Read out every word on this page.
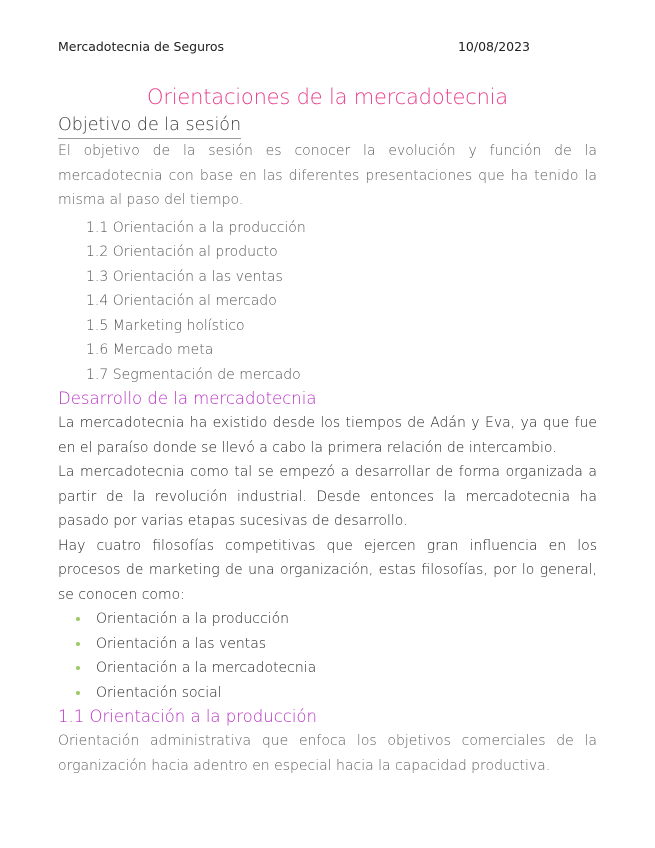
Mercadotecnia de Seguros	10/08/2023
Orientaciones de la mercadotecnia
Objetivo de la sesión

El objetivo de la sesión es conocer la evolución y función de la mercadotecnia con base en las diferentes presentaciones que ha tenido la misma al paso del tiempo.

1.1 Orientación a la producción
1.2 Orientación al producto
1.3 Orientación a las ventas
1.4 Orientación al mercado
1.5 Marketing holístico
1.6 Mercado meta
1.7 Segmentación de mercado
Desarrollo de la mercadotecnia

La mercadotecnia ha existido desde los tiempos de Adán y Eva, ya que fue en el paraíso donde se llevó a cabo la primera relación de intercambio.

La mercadotecnia como tal se empezó a desarrollar de forma organizada a partir de la revolución industrial. Desde entonces la mercadotecnia ha pasado por varias etapas sucesivas de desarrollo.

Hay cuatro filosofías competitivas que ejercen gran influencia en los procesos de marketing de una organización, estas filosofías, por lo general, se conocen como:

Orientación a la producción
Orientación a las ventas
Orientación a la mercadotecnia
Orientación social
1.1 Orientación a la producción

Orientación administrativa que enfoca los objetivos comerciales de la organización hacia adentro en especial hacia la capacidad productiva.
